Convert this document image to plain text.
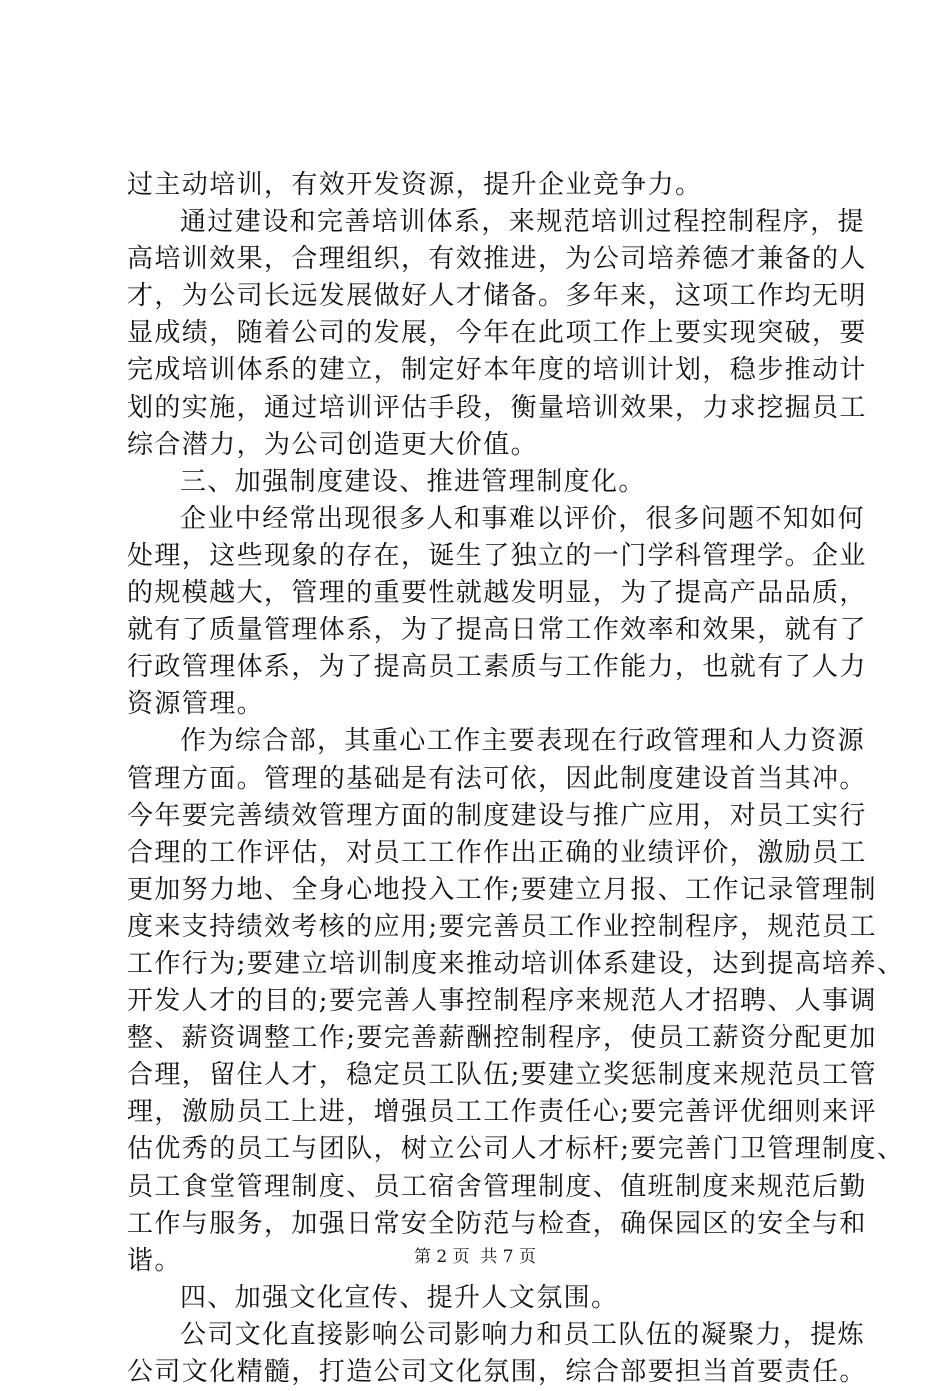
过主动培训，有效开发资源，提升企业竞争力。
通过建设和完善培训体系，来规范培训过程控制程序，提
高培训效果，合理组织，有效推进，为公司培养德才兼备的人
才，为公司长远发展做好人才储备。多年来，这项工作均无明
显成绩，随着公司的发展，今年在此项工作上要实现突破，要
完成培训体系的建立，制定好本年度的培训计划，稳步推动计
划的实施，通过培训评估手段，衡量培训效果，力求挖掘员工
综合潜力，为公司创造更大价值。
三、加强制度建设、推进管理制度化。
企业中经常出现很多人和事难以评价，很多问题不知如何
处理，这些现象的存在，诞生了独立的一门学科管理学。企业
的规模越大，管理的重要性就越发明显，为了提高产品品质，
就有了质量管理体系，为了提高日常工作效率和效果，就有了
行政管理体系，为了提高员工素质与工作能力，也就有了人力
资源管理。
作为综合部，其重心工作主要表现在行政管理和人力资源
管理方面。管理的基础是有法可依，因此制度建设首当其冲。
今年要完善绩效管理方面的制度建设与推广应用，对员工实行
合理的工作评估，对员工工作作出正确的业绩评价，激励员工
更加努力地、全身心地投入工作;要建立月报、工作记录管理制
度来支持绩效考核的应用;要完善员工作业控制程序，规范员工
工作行为;要建立培训制度来推动培训体系建设，达到提高培养、
开发人才的目的;要完善人事控制程序来规范人才招聘、人事调
整、薪资调整工作;要完善薪酬控制程序，使员工薪资分配更加
合理，留住人才，稳定员工队伍;要建立奖惩制度来规范员工管
理，激励员工上进，增强员工工作责任心;要完善评优细则来评
估优秀的员工与团队，树立公司人才标杆;要完善门卫管理制度、
员工食堂管理制度、员工宿舍管理制度、值班制度来规范后勤
工作与服务，加强日常安全防范与检查，确保园区的安全与和
谐。
四、加强文化宣传、提升人文氛围。
公司文化直接影响公司影响力和员工队伍的凝聚力，提炼
公司文化精髓，打造公司文化氛围，综合部要担当首要责任。
第 2 页 共 7 页
